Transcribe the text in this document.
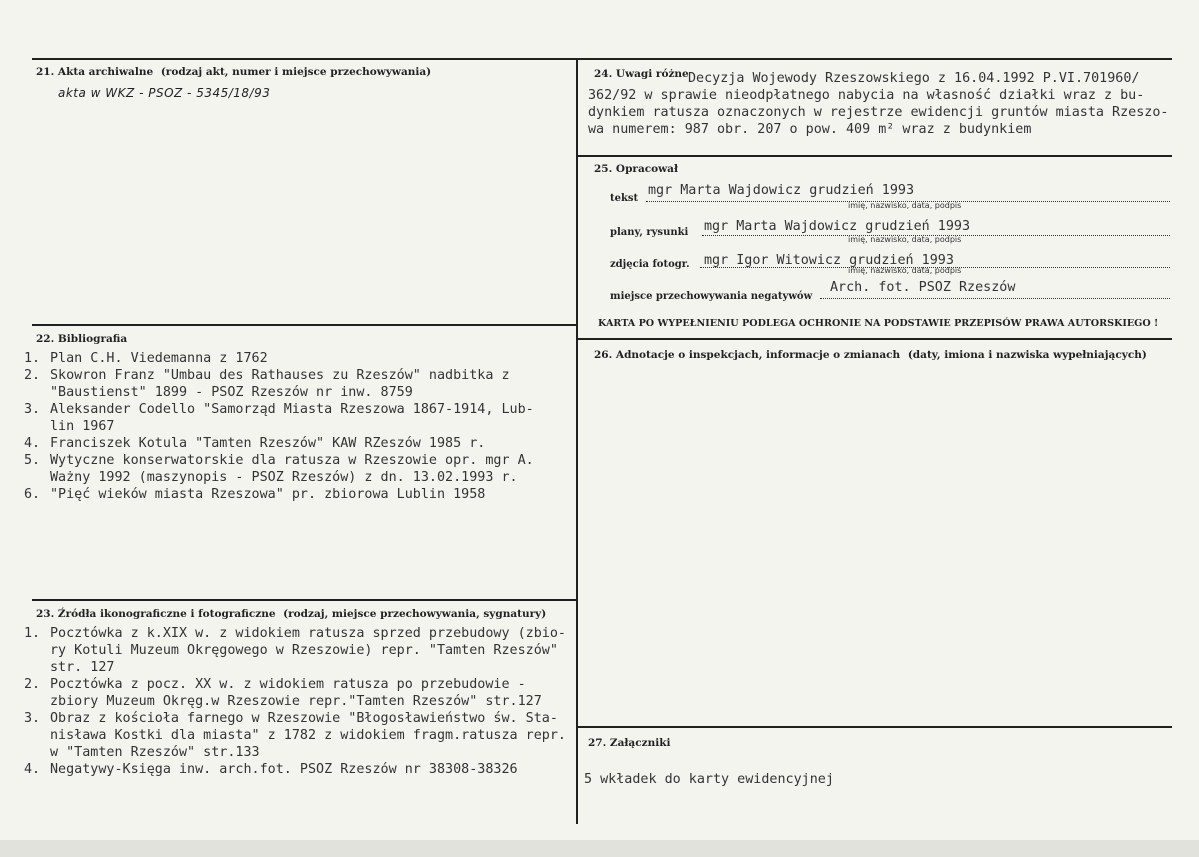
21. Akta archiwalne (rodzaj akt, numer i miejsce przechowywania)
akta w WKZ - PSOZ - 5345/18/93
22. Bibliografia
1. Plan C.H. Viedemanna z 1762
2. Skowron Franz "Umbau des Rathauses zu Rzeszów" nadbitka z
"Baustienst" 1899 - PSOZ Rzeszów nr inw. 8759
3. Aleksander Codello "Samorząd Miasta Rzeszowa 1867-1914, Lub-
lin 1967
4. Franciszek Kotula "Tamten Rzeszów" KAW RZeszów 1985 r.
5. Wytyczne konserwatorskie dla ratusza w Rzeszowie opr. mgr A.
Ważny 1992 (maszynopis - PSOZ Rzeszów) z dn. 13.02.1993 r.
6. "Pięć wieków miasta Rzeszowa" pr. zbiorowa Lublin 1958
23. Źródła ikonograficzne i fotograficzne (rodzaj, miejsce przechowywania, sygnatury)
1. Pocztówka z k.XIX w. z widokiem ratusza sprzed przebudowy (zbio-
ry Kotuli Muzeum Okręgowego w Rzeszowie) repr. "Tamten Rzeszów"
str. 127
2. Pocztówka z pocz. XX w. z widokiem ratusza po przebudowie -
zbiory Muzeum Okręg.w Rzeszowie repr."Tamten Rzeszów" str.127
3. Obraz z kościoła farnego w Rzeszowie "Błogosławieństwo św. Sta-
nisława Kostki dla miasta" z 1782 z widokiem fragm.ratusza repr.
w "Tamten Rzeszów" str.133
4. Negatywy-Księga inw. arch.fot. PSOZ Rzeszów nr 38308-38326
24. Uwagi różne Decyzja Wojewody Rzeszowskiego z 16.04.1992 P.VI.701960/
362/92 w sprawie nieodpłatnego nabycia na własność działki wraz z bu-
dynkiem ratusza oznaczonych w rejestrze ewidencji gruntów miasta Rzeszo-
wa numerem: 987 obr. 207 o pow. 409 m² wraz z budynkiem
25. Opracował
tekst
mgr Marta Wajdowicz grudzień 1993
imię, nazwisko, data, podpis
plany, rysunki mgr Marta Wajdowicz grudzień 1993
imię, nazwisko, data, podpis
zdjęcia fotogr. mgr Igor Witowicz grudzień 1993
imię, nazwisko, data, podpis
miejsce przechowywania negatywów
Arch. fot. PSOZ Rzeszów
KARTA PO WYPEŁNIENIU PODLEGA OCHRONIE NA PODSTAWIE PRZEPISÓW PRAWA AUTORSKIEGO !
26. Adnotacje o inspekcjach, informacje o zmianach (daty, imiona i nazwiska wypełniających)
27. Załączniki
5 wkładek do karty ewidencyjnej
